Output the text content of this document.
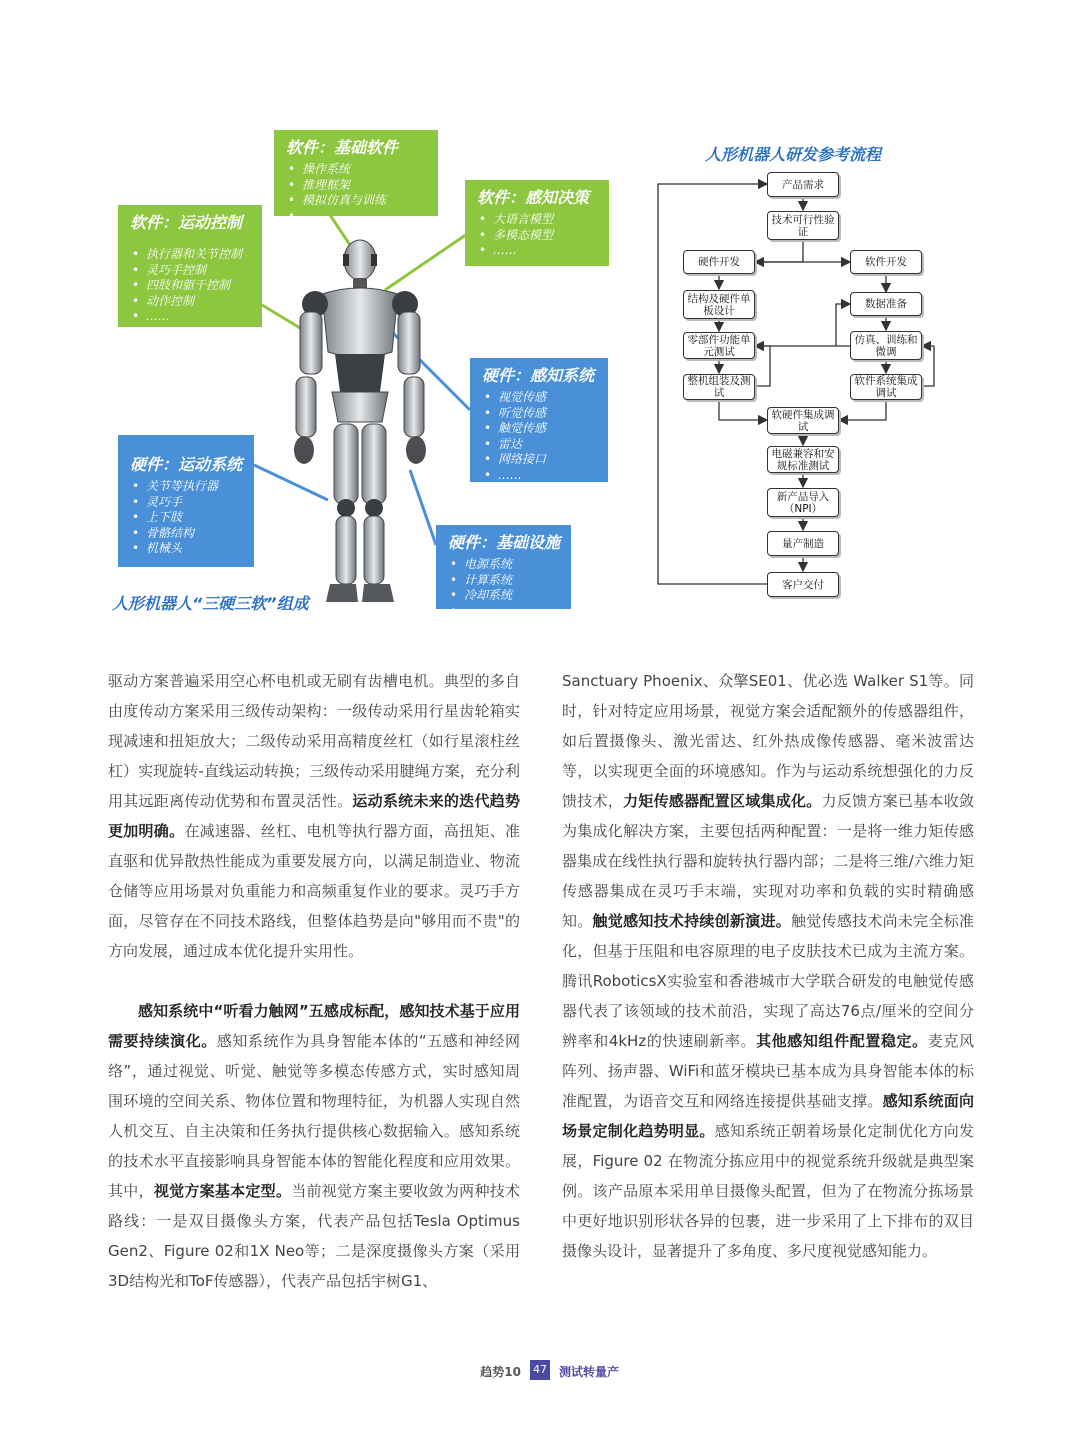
软件：基础软件
• 操作系统
• 推理框架
• 模拟仿真与训练
• ……
软件：运动控制
• 执行器和关节控制
• 灵巧手控制
• 四肢和躯干控制
• 动作控制
• ……
软件：感知决策
• 大语言模型
• 多模态模型
• ……
硬件：感知系统
• 视觉传感
• 听觉传感
• 触觉传感
• 雷达
• 网络接口
• ……
硬件：运动系统
• 关节等执行器
• 灵巧手
• 上下肢
• 骨骼结构
• 机械头	硬件：基础设施
• 电源系统
• 计算系统
• 冷却系统
• ……
人形机器人“三硬三软”组成
人形机器人研发参考流程
产品需求
技术可行性验证
硬件开发	软件开发
结构及硬件单板设计
数据准备
零部件功能单元测试
仿真、训练和微调
整机组装及测试
软件系统集成调试
软硬件集成调试
电磁兼容和安规标准测试
新产品导入（NPI）
量产制造
客户交付

驱动方案普遍采用空心杯电机或无刷有齿槽电机。典型的多自由度传动方案采用三级传动架构：一级传动采用行星齿轮箱实现减速和扭矩放大；二级传动采用高精度丝杠（如行星滚柱丝杠）实现旋转-直线运动转换；三级传动采用腱绳方案，充分利用其远距离传动优势和布置灵活性。运动系统未来的迭代趋势更加明确。在减速器、丝杠、电机等执行器方面，高扭矩、准直驱和优异散热性能成为重要发展方向，以满足制造业、物流仓储等应用场景对负重能力和高频重复作业的要求。灵巧手方面，尽管存在不同技术路线，但整体趋势是向"够用而不贵"的方向发展，通过成本优化提升实用性。

感知系统中“听看力触网”五感成标配，感知技术基于应用需要持续演化。感知系统作为具身智能本体的“五感和神经网络”，通过视觉、听觉、触觉等多模态传感方式，实时感知周围环境的空间关系、物体位置和物理特征，为机器人实现自然人机交互、自主决策和任务执行提供核心数据输入。感知系统的技术水平直接影响具身智能本体的智能化程度和应用效果。其中，视觉方案基本定型。当前视觉方案主要收敛为两种技术路线：一是双目摄像头方案，代表产品包括Tesla Optimus Gen2、Figure 02和1X Neo等；二是深度摄像头方案（采用3D结构光和ToF传感器），代表产品包括宇树G1、

Sanctuary Phoenix、众擎SE01、优必选 Walker S1等。同时，针对特定应用场景，视觉方案会适配额外的传感器组件，如后置摄像头、激光雷达、红外热成像传感器、毫米波雷达等，以实现更全面的环境感知。作为与运动系统想强化的力反馈技术，力矩传感器配置区域集成化。力反馈方案已基本收敛为集成化解决方案，主要包括两种配置：一是将一维力矩传感器集成在线性执行器和旋转执行器内部；二是将三维/六维力矩传感器集成在灵巧手末端，实现对功率和负载的实时精确感知。触觉感知技术持续创新演进。触觉传感技术尚未完全标准化，但基于压阻和电容原理的电子皮肤技术已成为主流方案。腾讯RoboticsX实验室和香港城市大学联合研发的电触觉传感器代表了该领域的技术前沿，实现了高达76点/厘米的空间分辨率和4kHz的快速刷新率。其他感知组件配置稳定。麦克风阵列、扬声器、WiFi和蓝牙模块已基本成为具身智能本体的标准配置，为语音交互和网络连接提供基础支撑。感知系统面向场景定制化趋势明显。感知系统正朝着场景化定制优化方向发展，Figure 02 在物流分拣应用中的视觉系统升级就是典型案例。该产品原本采用单目摄像头配置，但为了在物流分拣场景中更好地识别形状各异的包裹，进一步采用了上下排布的双目摄像头设计，显著提升了多角度、多尺度视觉感知能力。

趋势10 47 测试转量产
